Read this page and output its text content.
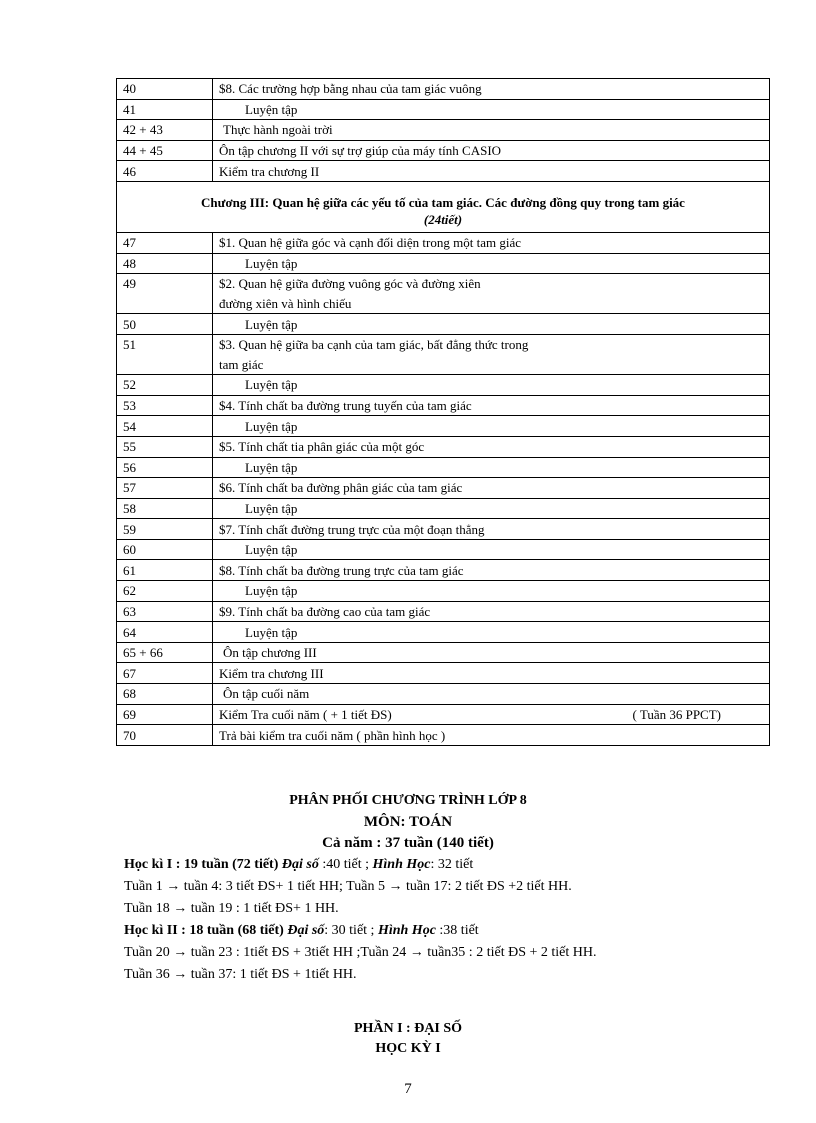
40	$8. Các trường hợp bằng nhau của tam giác vuông
41	Luyện tập
42 + 43	Thực hành ngoài trời
44 + 45	Ôn tập chương II với sự trợ giúp của máy tính CASIO
46	Kiểm tra chương II
Chương III: Quan hệ giữa các yếu tố của tam giác. Các đường đồng quy trong tam giác
(24tiết)	

47	$1. Quan hệ giữa góc và cạnh đối diện trong một tam giác
48	Luyện tập
49	$2. Quan hệ giữa đường vuông góc và đường xiên
	đường xiên và hình chiếu
50	Luyện tập
51	$3. Quan hệ giữa ba cạnh của tam giác, bất đẳng thức trong
	tam giác
52	Luyện tập
53	$4. Tính chất ba đường trung tuyến của tam giác
54	Luyện tập
55	$5. Tính chất tia phân giác của một góc
56	Luyện tập
57	$6. Tính chất ba đường phân giác của tam giác
58	Luyện tập
59	$7. Tính chất đường trung trực của một đoạn thẳng
60	Luyện tập
61	$8. Tính chất ba đường trung trực của tam giác
62	Luyện tập
63	$9. Tính chất ba đường cao của tam giác
64	Luyện tập
65 + 66	Ôn tập chương III
67	Kiểm tra chương III
68	Ôn tập cuối năm
69	Kiểm Tra cuối năm ( + 1 tiết ĐS) ( Tuần 36 PPCT)

70	Trả bài kiểm tra cuối năm ( phần hình học )
PHÂN PHỐI CHƯƠNG TRÌNH LỚP 8
MÔN: TOÁN
Cả năm : 37 tuần (140 tiết)
Học kì I : 19 tuần (72 tiết) Đại số :40 tiết ; Hình Học: 32 tiết
Tuần 1 → tuần 4: 3 tiết ĐS+ 1 tiết HH; Tuần 5 → tuần 17: 2 tiết ĐS +2 tiết HH.
Tuần 18 → tuần 19 : 1 tiết ĐS+ 1 HH.
Học kì II : 18 tuần (68 tiết) Đại số: 30 tiết ; Hình Học :38 tiết
Tuần 20 → tuần 23 : 1tiết ĐS + 3tiết HH ;Tuần 24 → tuần35 : 2 tiết ĐS + 2 tiết HH.
Tuần 36 → tuần 37: 1 tiết ĐS + 1tiết HH.
PHẦN I : ĐẠI SỐ
HỌC KỲ I
7
